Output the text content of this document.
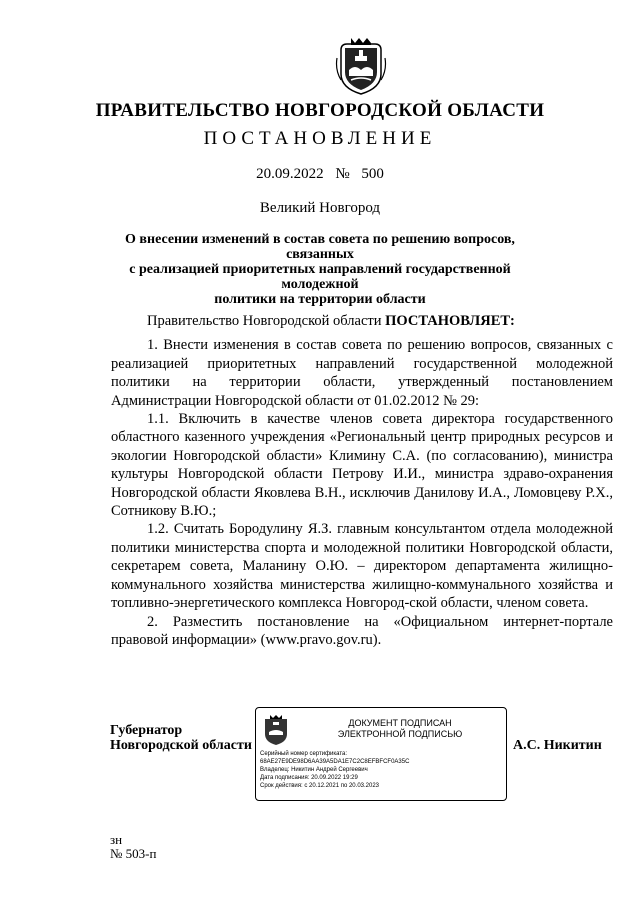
ПРАВИТЕЛЬСТВО НОВГОРОДСКОЙ ОБЛАСТИ
ПОСТАНОВЛЕНИЕ
20.09.2022 № 500
Великий Новгород
О внесении изменений в состав совета по решению вопросов, связанных
с реализацией приоритетных направлений государственной молодежной
политики на территории области

Правительство Новгородской области ПОСТАНОВЛЯЕТ:

1. Внести изменения в состав совета по решению вопросов, связанных с реализацией приоритетных направлений государственной молодежной политики на территории области, утвержденный постановлением Администрации Новгородской области от 01.02.2012 № 29:

1.1. Включить в качестве членов совета директора государственного областного казенного учреждения «Региональный центр природных ресурсов и экологии Новгородской области» Климину С.А. (по согласованию), министра культуры Новгородской области Петрову И.И., министра здраво-охранения Новгородской области Яковлева В.Н., исключив Данилову И.А., Ломовцеву Р.Х., Сотникову В.Ю.;

1.2. Считать Бородулину Я.З. главным консультантом отдела молодежной политики министерства спорта и молодежной политики Новгородской области, секретарем совета, Маланину О.Ю. – директором департамента жилищно-коммунального хозяйства министерства жилищно-коммунального хозяйства и топливно-энергетического комплекса Новгород-ской области, членом совета.

2. Разместить постановление на «Официальном интернет-портале правовой информации» (www.pravo.gov.ru).

Губернатор
Новгородской области
ДОКУМЕНТ ПОДПИСАН
ЭЛЕКТРОННОЙ ПОДПИСЬЮ
Серийный номер сертификата:
68AE27E9DE98D6AA39A5DA1E7C2C8EFBFCF0A35C
Владелец: Никитин Андрей Сергеевич
Дата подписания: 20.09.2022 19:29
Срок действия: с 20.12.2021 по 20.03.2023
А.С. Никитин
зн
№ 503-п
